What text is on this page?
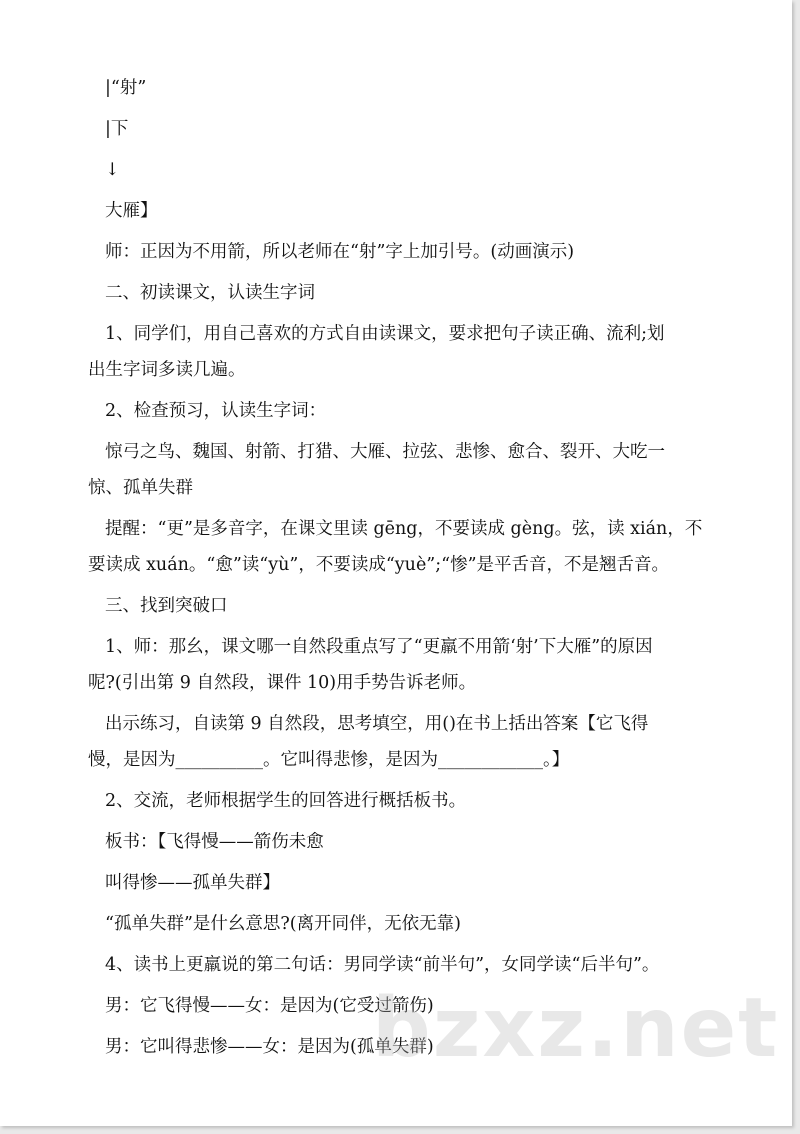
|“射”

|下

↓

大雁】

师：正因为不用箭，所以老师在“射”字上加引号。(动画演示)

二、初读课文，认读生字词

1、同学们，用自己喜欢的方式自由读课文，要求把句子读正确、流利;划

出生字词多读几遍。

2、检查预习，认读生字词：

惊弓之鸟、魏国、射箭、打猎、大雁、拉弦、悲惨、愈合、裂开、大吃一

惊、孤单失群

提醒：“更”是多音字，在课文里读 gēng，不要读成 gèng。弦，读 xián，不

要读成 xuán。“愈”读“yù”，不要读成“yuè”;“惨”是平舌音，不是翘舌音。

三、找到突破口

1、师：那幺，课文哪一自然段重点写了“更羸不用箭‘射’下大雁”的原因

呢?(引出第 9 自然段，课件 10)用手势告诉老师。

出示练习，自读第 9 自然段，思考填空，用()在书上括出答案【它飞得

慢，是因为__________。它叫得悲惨，是因为____________。】

2、交流，老师根据学生的回答进行概括板书。

板书：【飞得慢——箭伤未愈

叫得惨——孤单失群】

“孤单失群”是什幺意思?(离开同伴，无依无靠)

4、读书上更羸说的第二句话：男同学读“前半句”，女同学读“后半句”。

男：它飞得慢——女：是因为(它受过箭伤)

男：它叫得悲惨——女：是因为(孤单失群)

bzxz.net
